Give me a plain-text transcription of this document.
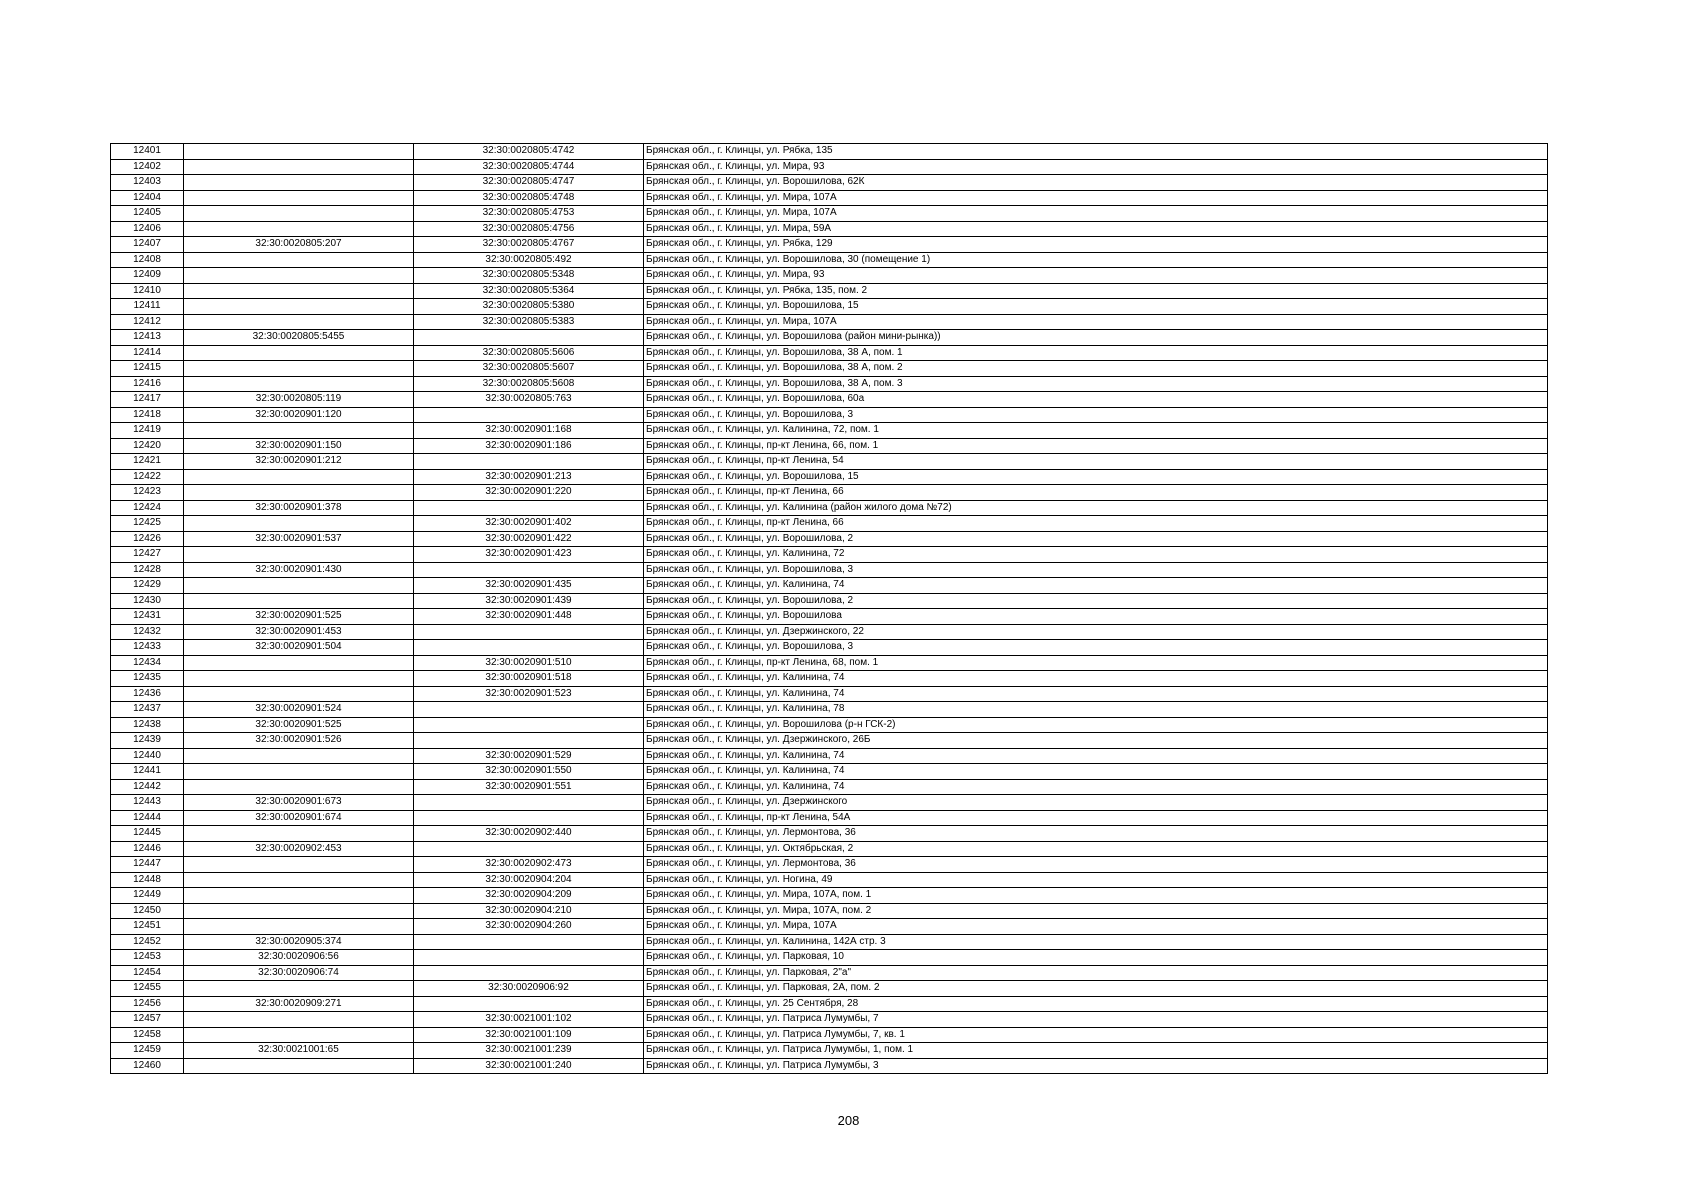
12401		32:30:0020805:4742	Брянская обл., г. Клинцы, ул. Рябка, 135
12402		32:30:0020805:4744	Брянская обл., г. Клинцы, ул. Мира, 93
12403		32:30:0020805:4747	Брянская обл., г. Клинцы, ул. Ворошилова, 62К
12404		32:30:0020805:4748	Брянская обл., г. Клинцы, ул. Мира, 107А
12405		32:30:0020805:4753	Брянская обл., г. Клинцы, ул. Мира, 107А
12406		32:30:0020805:4756	Брянская обл., г. Клинцы, ул. Мира, 59А
12407	32:30:0020805:207	32:30:0020805:4767	Брянская обл., г. Клинцы, ул. Рябка, 129
12408		32:30:0020805:492	Брянская обл., г. Клинцы, ул. Ворошилова, 30 (помещение 1)
12409		32:30:0020805:5348	Брянская обл., г. Клинцы, ул. Мира, 93
12410		32:30:0020805:5364	Брянская обл., г. Клинцы, ул. Рябка, 135, пом. 2
12411		32:30:0020805:5380	Брянская обл., г. Клинцы, ул. Ворошилова, 15
12412		32:30:0020805:5383	Брянская обл., г. Клинцы, ул. Мира, 107А
12413	32:30:0020805:5455		Брянская обл., г. Клинцы, ул. Ворошилова (район мини-рынка))
12414		32:30:0020805:5606	Брянская обл., г. Клинцы, ул. Ворошилова, 38 А, пом. 1
12415		32:30:0020805:5607	Брянская обл., г. Клинцы, ул. Ворошилова, 38 А, пом. 2
12416		32:30:0020805:5608	Брянская обл., г. Клинцы, ул. Ворошилова, 38 А, пом. 3
12417	32:30:0020805:119	32:30:0020805:763	Брянская обл., г. Клинцы, ул. Ворошилова, 60а
12418	32:30:0020901:120		Брянская обл., г. Клинцы, ул. Ворошилова, 3
12419		32:30:0020901:168	Брянская обл., г. Клинцы, ул. Калинина, 72, пом. 1
12420	32:30:0020901:150	32:30:0020901:186	Брянская обл., г. Клинцы, пр-кт Ленина, 66, пом. 1
12421	32:30:0020901:212		Брянская обл., г. Клинцы, пр-кт Ленина, 54
12422		32:30:0020901:213	Брянская обл., г. Клинцы, ул. Ворошилова, 15
12423		32:30:0020901:220	Брянская обл., г. Клинцы, пр-кт Ленина, 66
12424	32:30:0020901:378		Брянская обл., г. Клинцы, ул. Калинина (район жилого дома №72)
12425		32:30:0020901:402	Брянская обл., г. Клинцы, пр-кт Ленина, 66
12426	32:30:0020901:537	32:30:0020901:422	Брянская обл., г. Клинцы, ул. Ворошилова, 2
12427		32:30:0020901:423	Брянская обл., г. Клинцы, ул. Калинина, 72
12428	32:30:0020901:430		Брянская обл., г. Клинцы, ул. Ворошилова, 3
12429		32:30:0020901:435	Брянская обл., г. Клинцы, ул. Калинина, 74
12430		32:30:0020901:439	Брянская обл., г. Клинцы, ул. Ворошилова, 2
12431	32:30:0020901:525	32:30:0020901:448	Брянская обл., г. Клинцы, ул. Ворошилова
12432	32:30:0020901:453		Брянская обл., г. Клинцы, ул. Дзержинского, 22
12433	32:30:0020901:504		Брянская обл., г. Клинцы, ул. Ворошилова, 3
12434		32:30:0020901:510	Брянская обл., г. Клинцы, пр-кт Ленина, 68, пом. 1
12435		32:30:0020901:518	Брянская обл., г. Клинцы, ул. Калинина, 74
12436		32:30:0020901:523	Брянская обл., г. Клинцы, ул. Калинина, 74
12437	32:30:0020901:524		Брянская обл., г. Клинцы, ул. Калинина, 78
12438	32:30:0020901:525		Брянская обл., г. Клинцы, ул. Ворошилова (р-н ГСК-2)
12439	32:30:0020901:526		Брянская обл., г. Клинцы, ул. Дзержинского, 26Б
12440		32:30:0020901:529	Брянская обл., г. Клинцы, ул. Калинина, 74
12441		32:30:0020901:550	Брянская обл., г. Клинцы, ул. Калинина, 74
12442		32:30:0020901:551	Брянская обл., г. Клинцы, ул. Калинина, 74
12443	32:30:0020901:673		Брянская обл., г. Клинцы, ул. Дзержинского
12444	32:30:0020901:674		Брянская обл., г. Клинцы, пр-кт Ленина, 54А
12445		32:30:0020902:440	Брянская обл., г. Клинцы, ул. Лермонтова, 36
12446	32:30:0020902:453		Брянская обл., г. Клинцы, ул. Октябрьская, 2
12447		32:30:0020902:473	Брянская обл., г. Клинцы, ул. Лермонтова, 36
12448		32:30:0020904:204	Брянская обл., г. Клинцы, ул. Ногина, 49
12449		32:30:0020904:209	Брянская обл., г. Клинцы, ул. Мира, 107А, пом. 1
12450		32:30:0020904:210	Брянская обл., г. Клинцы, ул. Мира, 107А, пом. 2
12451		32:30:0020904:260	Брянская обл., г. Клинцы, ул. Мира, 107А
12452	32:30:0020905:374		Брянская обл., г. Клинцы, ул. Калинина, 142А стр. 3
12453	32:30:0020906:56		Брянская обл., г. Клинцы, ул. Парковая, 10
12454	32:30:0020906:74		Брянская обл., г. Клинцы, ул. Парковая, 2"а"
12455		32:30:0020906:92	Брянская обл., г. Клинцы, ул. Парковая, 2А, пом. 2
12456	32:30:0020909:271		Брянская обл., г. Клинцы, ул. 25 Сентября, 28
12457		32:30:0021001:102	Брянская обл., г. Клинцы, ул. Патриса Лумумбы, 7
12458		32:30:0021001:109	Брянская обл., г. Клинцы, ул. Патриса Лумумбы, 7, кв. 1
12459	32:30:0021001:65	32:30:0021001:239	Брянская обл., г. Клинцы, ул. Патриса Лумумбы, 1, пом. 1
12460		32:30:0021001:240	Брянская обл., г. Клинцы, ул. Патриса Лумумбы, 3
208
